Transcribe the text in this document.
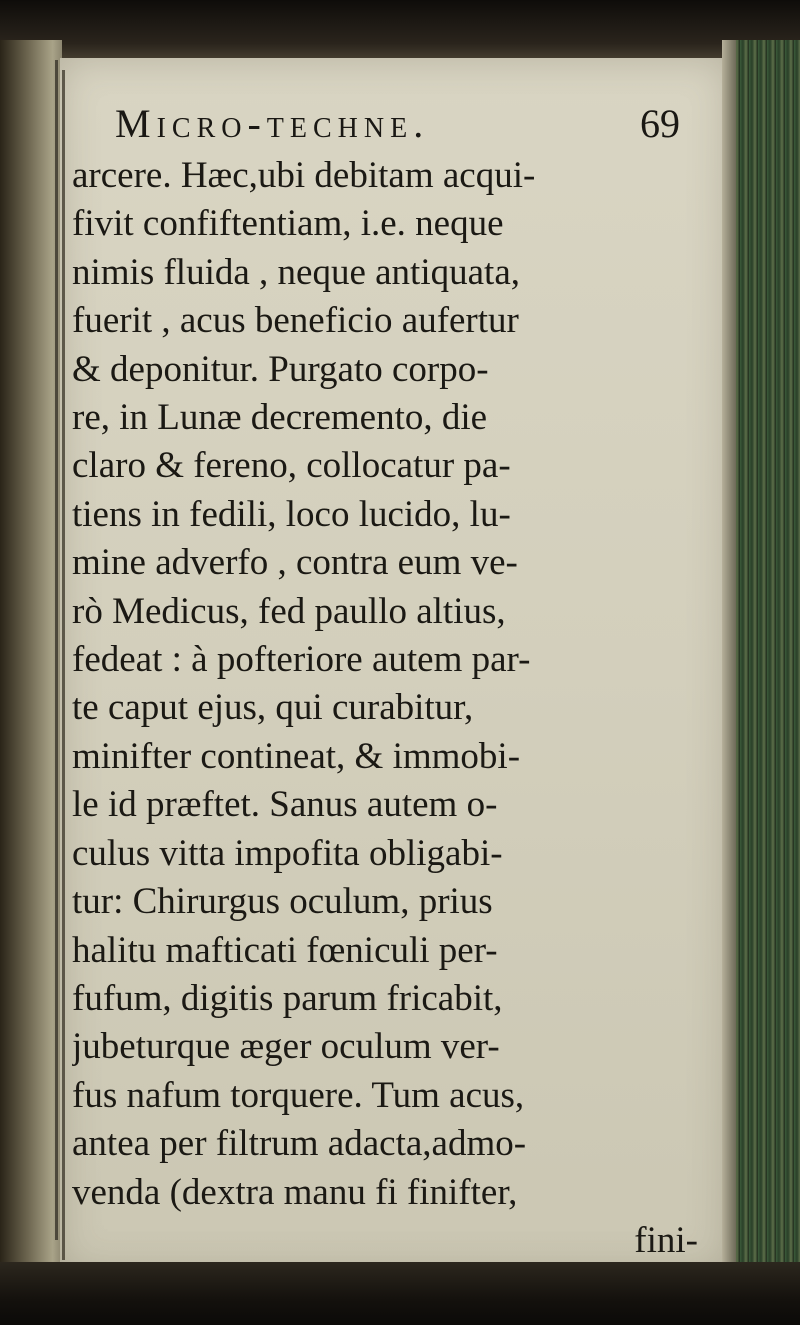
Micro-techne.	69
arcere. Hæc,ubi debitam acqui-
fivit confiftentiam, i.e. neque
nimis fluida , neque antiquata,
fuerit , acus beneficio aufertur
& deponitur. Purgato corpo-
re, in Lunæ decremento, die
claro & fereno, collocatur pa-
tiens in fedili, loco lucido, lu-
mine adverfo , contra eum ve-
rò Medicus, fed paullo altius,
fedeat : à pofteriore autem par-
te caput ejus, qui curabitur,
minifter contineat, & immobi-
le id præftet. Sanus autem o-
culus vitta impofita obligabi-
tur: Chirurgus oculum, prius
halitu mafticati fœniculi per-
fufum, digitis parum fricabit,
jubeturque æger oculum ver-
fus nafum torquere. Tum acus,
antea per filtrum adacta,admo-
venda (dextra manu fi finifter,
fini-
